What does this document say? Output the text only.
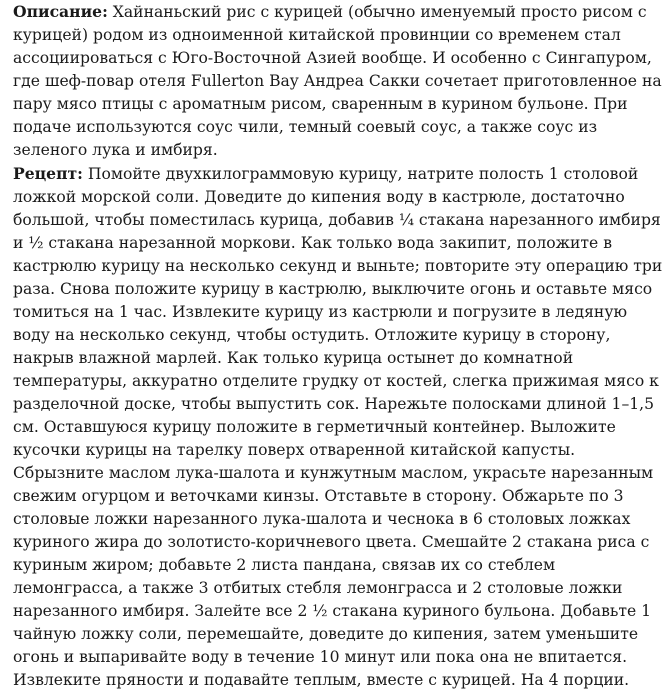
Описание: Хайнаньский рис с курицей (обычно именуемый просто рисом с курицей) родом из одноименной китайской провинции со временем стал ассоциироваться с Юго-Восточной Азией вообще. И особенно с Сингапуром, где шеф-повар отеля Fullerton Bay Андреа Сакки сочетает приготовленное на пару мясо птицы с ароматным рисом, сваренным в курином бульоне. При подаче используются соус чили, темный соевый соус, а также соус из зеленого лука и имбиря.

Рецепт: Помойте двухкилограммовую курицу, натрите полость 1 столовой ложкой морской соли. Доведите до кипения воду в кастрюле, достаточно большой, чтобы поместилась курица, добавив ¼ стакана нарезанного имбиря и ½ стакана нарезанной моркови. Как только вода закипит, положите в кастрюлю курицу на несколько секунд и выньте; повторите эту операцию три раза. Снова положите курицу в кастрюлю, выключите огонь и оставьте мясо томиться на 1 час. Извлеките курицу из кастрюли и погрузите в ледяную воду на несколько секунд, чтобы остудить. Отложите курицу в сторону, накрыв влажной марлей. Как только курица остынет до комнатной температуры, аккуратно отделите грудку от костей, слегка прижимая мясо к разделочной доске, чтобы выпустить сок. Нарежьте полосками длиной 1–1,5 см. Оставшуюся курицу положите в герметичный контейнер. Выложите кусочки курицы на тарелку поверх отваренной китайской капусты. Сбрызните маслом лука-шалота и кунжутным маслом, украсьте нарезанным свежим огурцом и веточками кинзы. Отставьте в сторону. Обжарьте по 3 столовые ложки нарезанного лука-шалота и чеснока в 6 столовых ложках куриного жира до золотисто-коричневого цвета. Смешайте 2 стакана риса с куриным жиром; добавьте 2 листа пандана, связав их со стеблем лемонграсса, а также 3 отбитых стебля лемонграсса и 2 столовые ложки нарезанного имбиря. Залейте все 2 ½ стакана куриного бульона. Добавьте 1 чайную ложку соли, перемешайте, доведите до кипения, затем уменьшите огонь и выпаривайте воду в течение 10 минут или пока она не впитается. Извлеките пряности и подавайте теплым, вместе с курицей. На 4 порции.
